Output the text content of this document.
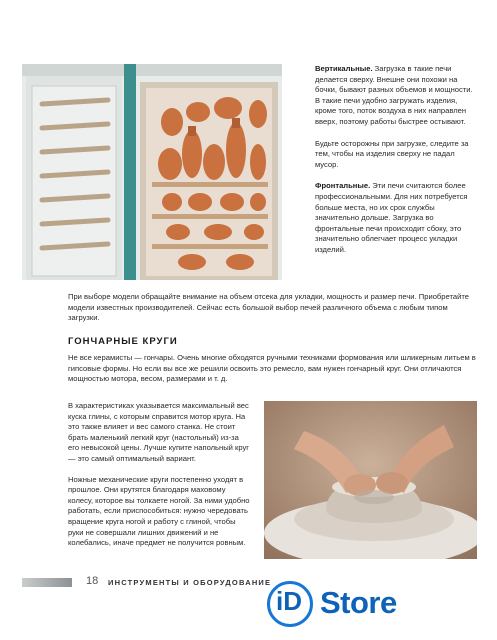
Вертикальные. Загрузка в такие печи делается сверху. Внешне они похожи на бочки, бывают разных объемов и мощности. В такие печи удобно загружать изделия, кроме того, поток воздуха в них направлен вверх, поэтому работы быстрее остывают.

Будьте осторожны при загрузке, следите за тем, чтобы на изделия сверху не падал мусор.

Фронтальные. Эти печи считаются более профессиональными. Для них потребуется больше места, но их срок службы значительно дольше. Загрузка во фронтальные печи происходит сбоку, это значительно облегчает процесс укладки изделий.

При выборе модели обращайте внимание на объем отсека для укладки, мощность и размер печи. Приобретайте модели известных производителей. Сейчас есть большой выбор печей различного объема с любым типом загрузки.

ГОНЧАРНЫЕ КРУГИ

Не все керамисты — гончары. Очень многие обходятся ручными техниками формования или шликерным литьем в гипсовые формы. Но если вы все же решили освоить это ремесло, вам нужен гончарный круг. Они отличаются мощностью мотора, весом, размерами и т. д.

В характеристиках указывается максимальный вес куска глины, с которым справится мотор круга. На это также влияет и вес самого станка. Не стоит брать маленький легкий круг (настольный) из-за его невысокой цены. Лучше купите напольный круг — это самый оптимальный вариант.

Ножные механические круги постепенно уходят в прошлое. Они крутятся благодаря маховому колесу, которое вы толкаете ногой. За ними удобно работать, если приспособиться: нужно чередовать вращение круга ногой и работу с глиной, чтобы руки не совершали лишних движений и не колебались, иначе предмет не получится ровным.

18 ИНСТРУМЕНТЫ И ОБОРУДОВАНИЕ
iD Store
